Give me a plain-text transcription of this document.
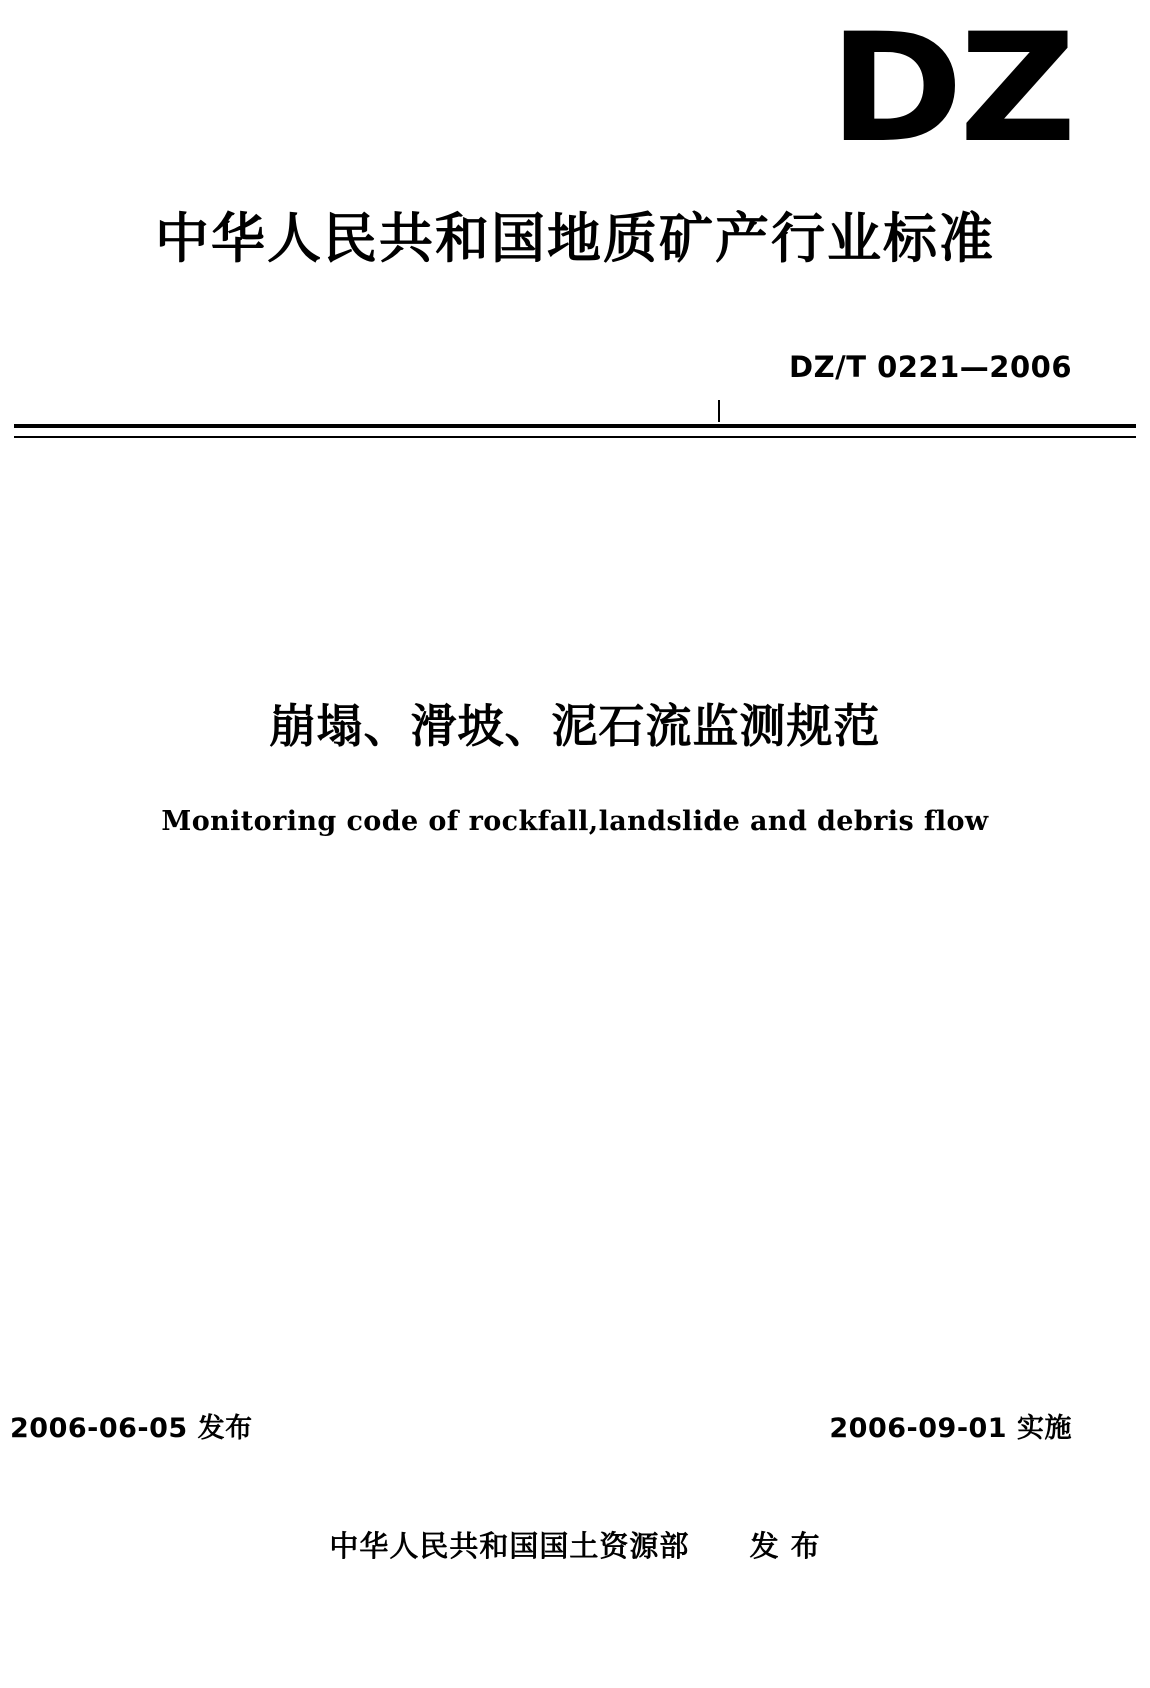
DZ
中华人民共和国地质矿产行业标准
DZ/T 0221—2006
崩塌、滑坡、泥石流监测规范
Monitoring code of rockfall,landslide and debris flow
2006-06-05 发布	2006-09-01 实施
中华人民共和国国土资源部 发 布
